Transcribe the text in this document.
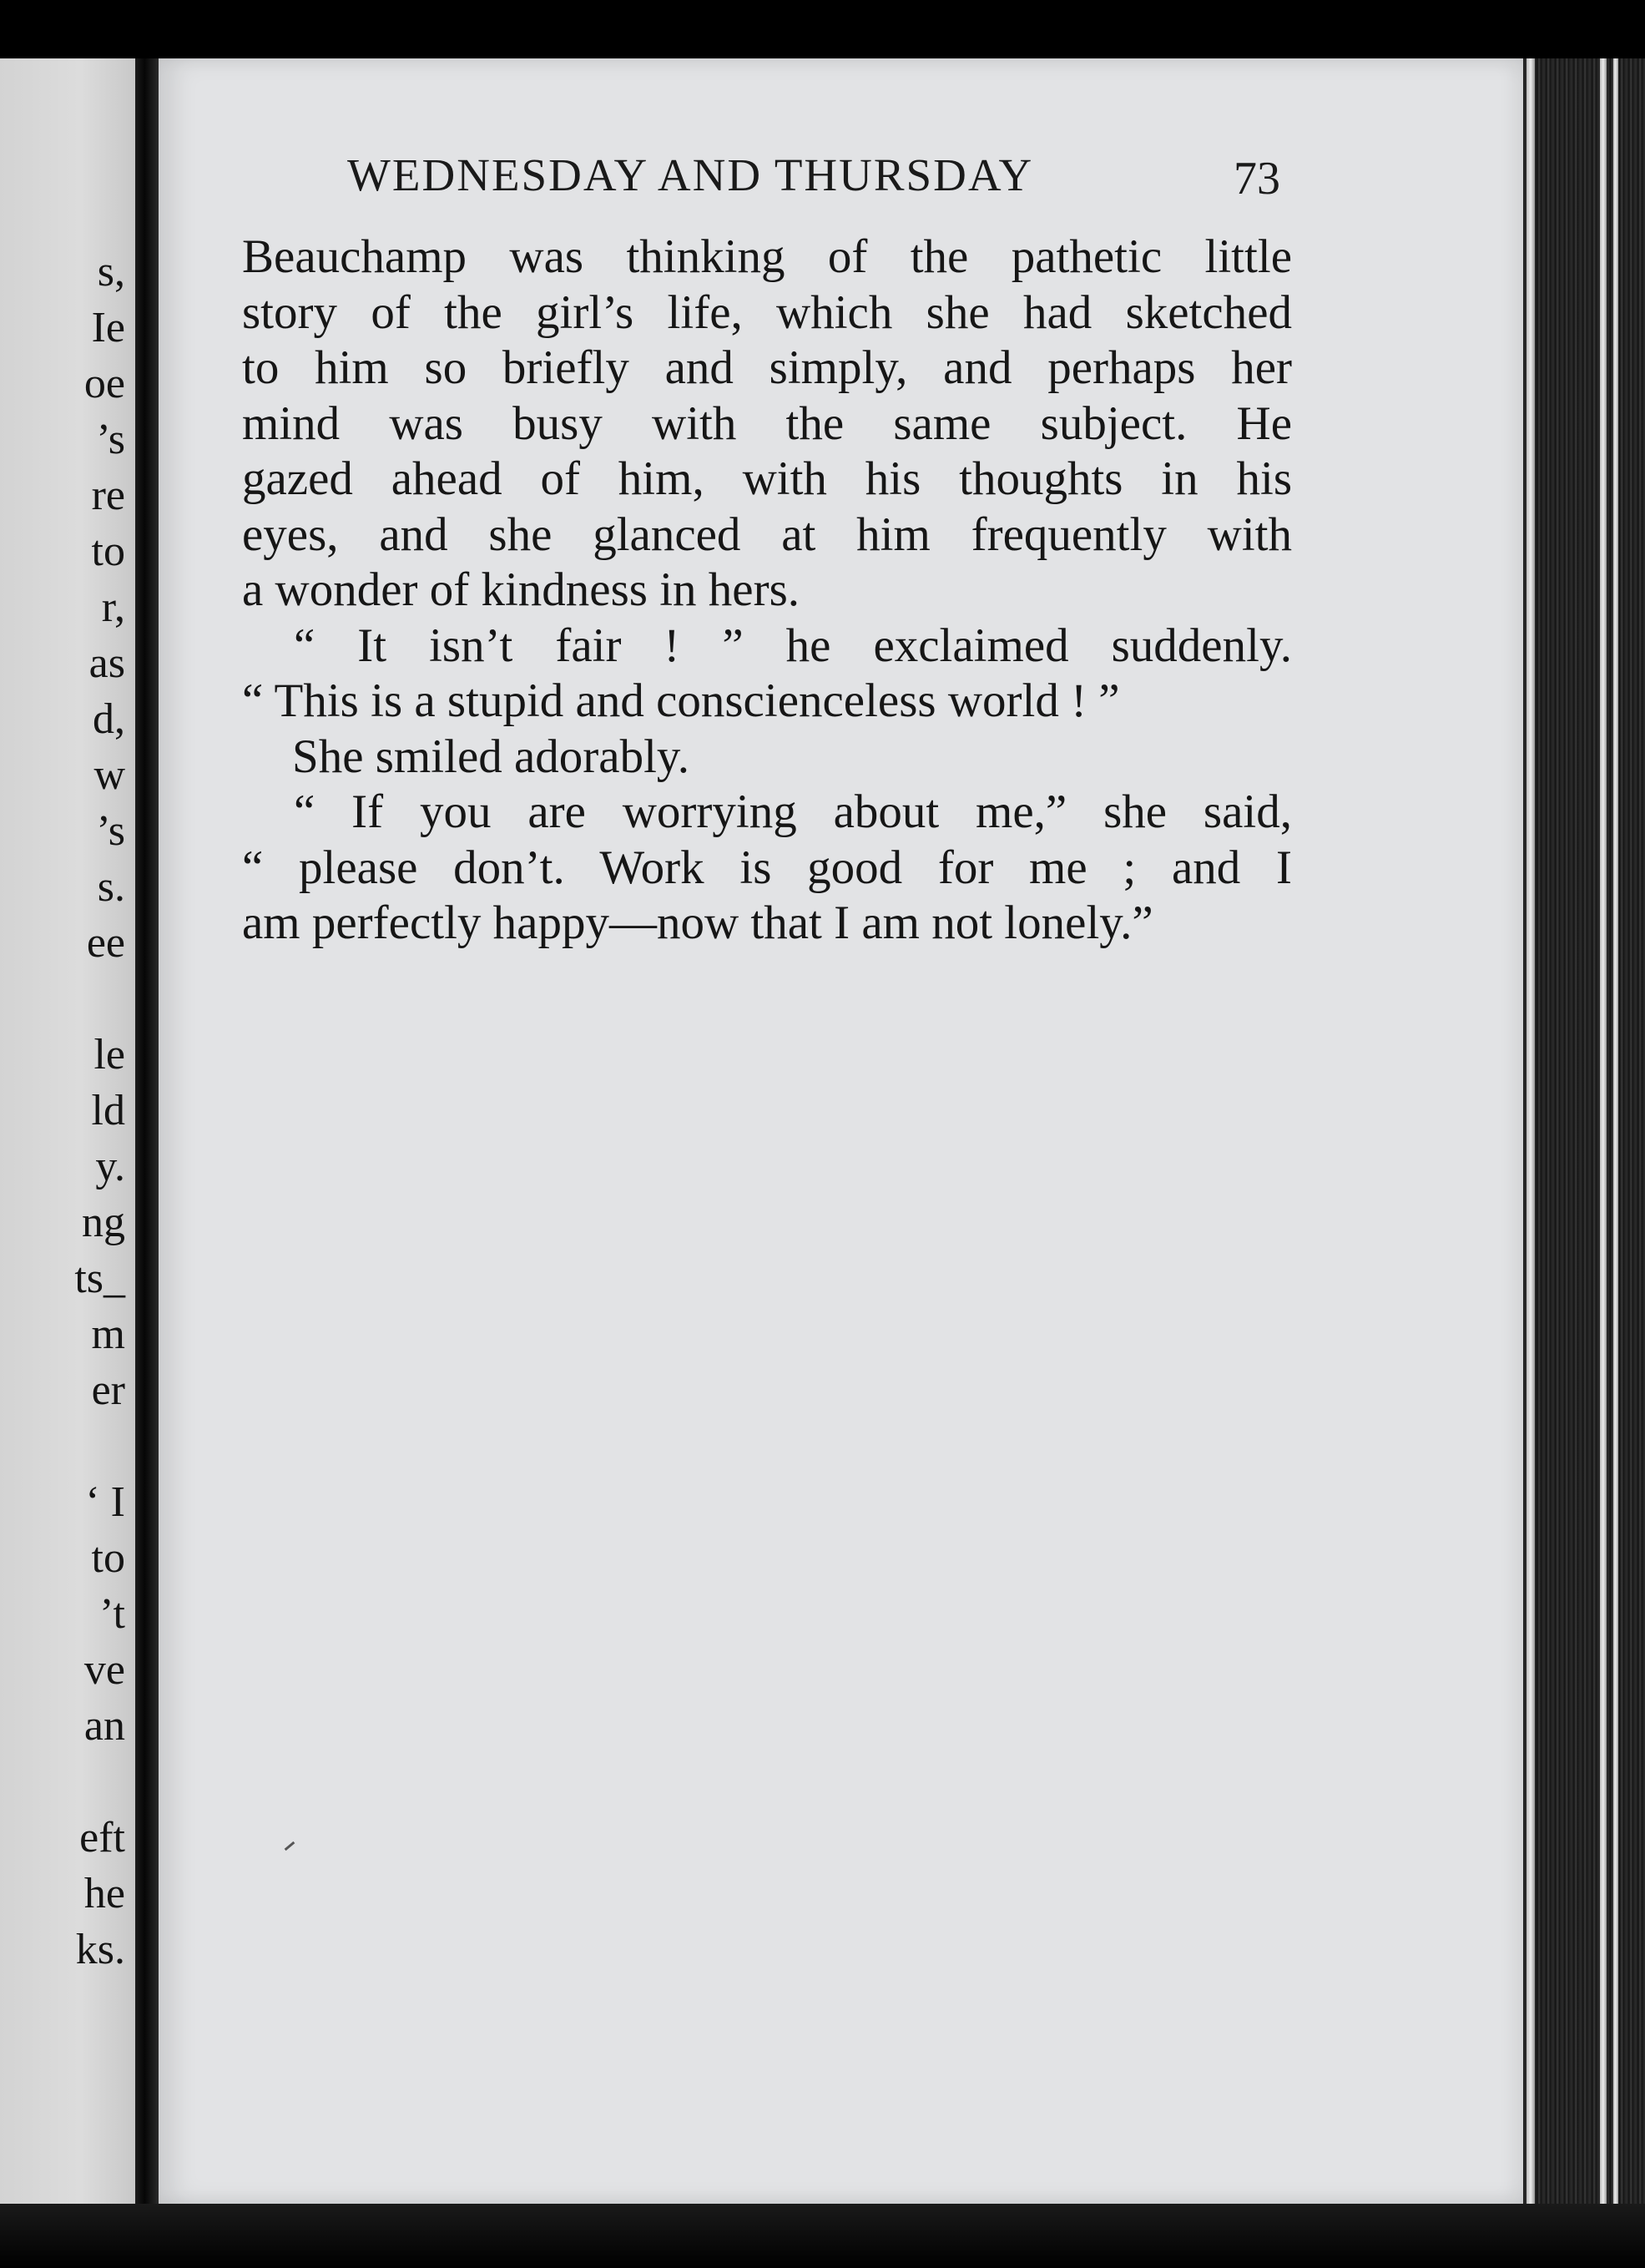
s,
Ie
oe
’s
re
to
r,
as
d,
w
’s
s.
ee
le
ld
y.
ng
ts_
m
er
‘ I
to
’t
ve
an
eft
he
ks.
WEDNESDAY AND THURSDAY	73
Beauchamp was thinking of the pathetic little
story of the girl’s life, which she had sketched
to him so briefly and simply, and perhaps her
mind was busy with the same subject. He
gazed ahead of him, with his thoughts in his
eyes, and she glanced at him frequently with
a wonder of kindness in hers.
“ It isn’t fair ! ” he exclaimed suddenly.
“ This is a stupid and conscienceless world ! ”
She smiled adorably.
“ If you are worrying about me,” she said,
“ please don’t. Work is good for me ; and I
am perfectly happy—now that I am not lonely.”
